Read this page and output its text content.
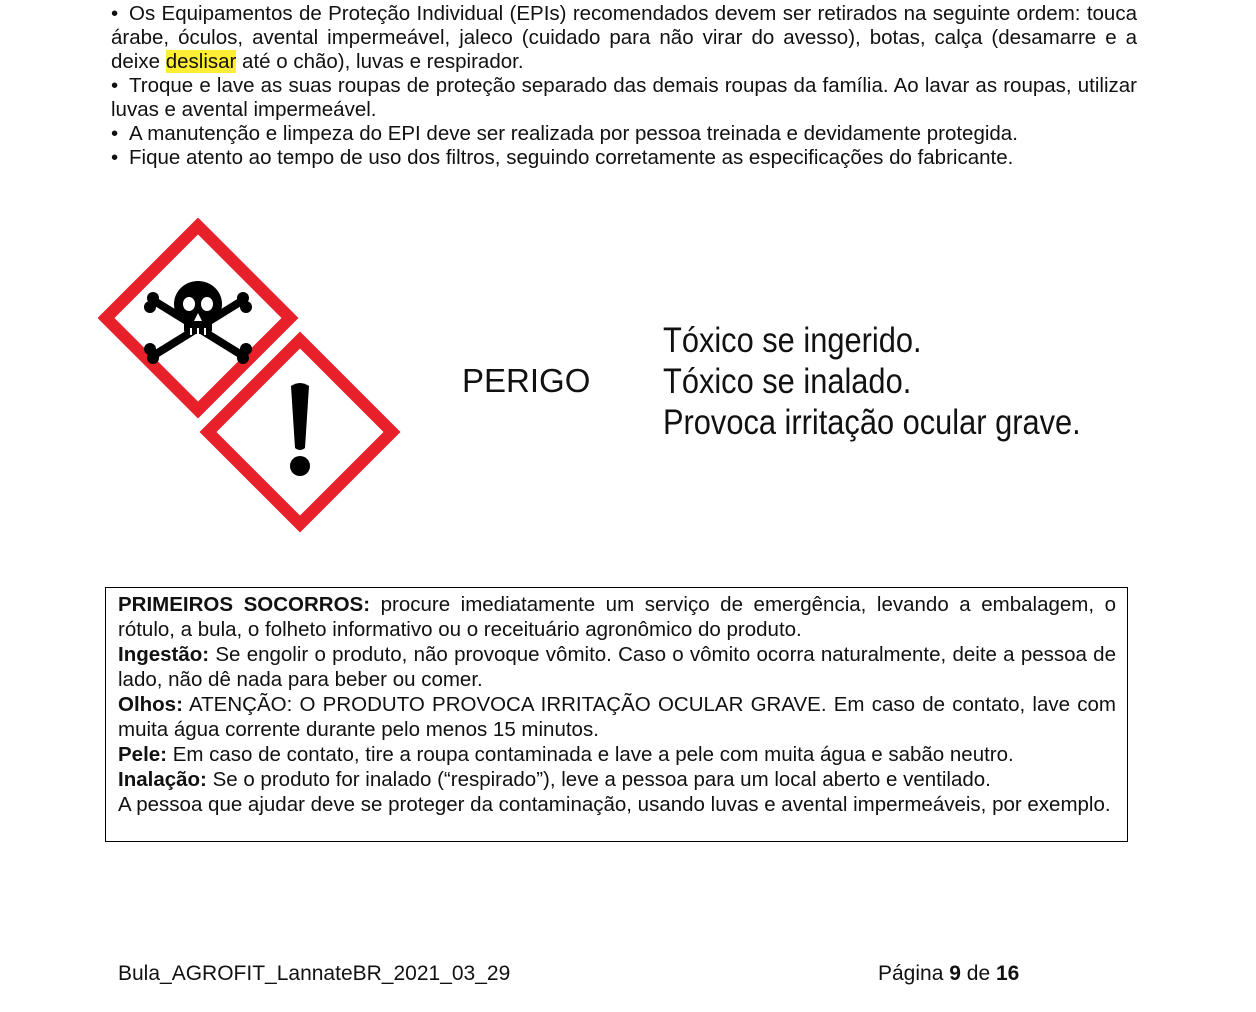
• Os Equipamentos de Proteção Individual (EPIs) recomendados devem ser retirados na seguinte ordem: touca árabe, óculos, avental impermeável, jaleco (cuidado para não virar do avesso), botas, calça (desamarre e a deixe deslisar até o chão), luvas e respirador.
• Troque e lave as suas roupas de proteção separado das demais roupas da família. Ao lavar as roupas, utilizar luvas e avental impermeável.
• A manutenção e limpeza do EPI deve ser realizada por pessoa treinada e devidamente protegida.
• Fique atento ao tempo de uso dos filtros, seguindo corretamente as especificações do fabricante.
PERIGO
Tóxico se ingerido.
Tóxico se inalado.
Provoca irritação ocular grave.

PRIMEIROS SOCORROS: procure imediatamente um serviço de emergência, levando a embalagem, o rótulo, a bula, o folheto informativo ou o receituário agronômico do produto.

Ingestão: Se engolir o produto, não provoque vômito. Caso o vômito ocorra naturalmente, deite a pessoa de lado, não dê nada para beber ou comer.

Olhos: ATENÇÃO: O PRODUTO PROVOCA IRRITAÇÃO OCULAR GRAVE. Em caso de contato, lave com muita água corrente durante pelo menos 15 minutos.

Pele: Em caso de contato, tire a roupa contaminada e lave a pele com muita água e sabão neutro.

Inalação: Se o produto for inalado (“respirado”), leve a pessoa para um local aberto e ventilado.

A pessoa que ajudar deve se proteger da contaminação, usando luvas e avental impermeáveis, por exemplo.

Bula_AGROFIT_LannateBR_2021_03_29	Página 9 de 16
